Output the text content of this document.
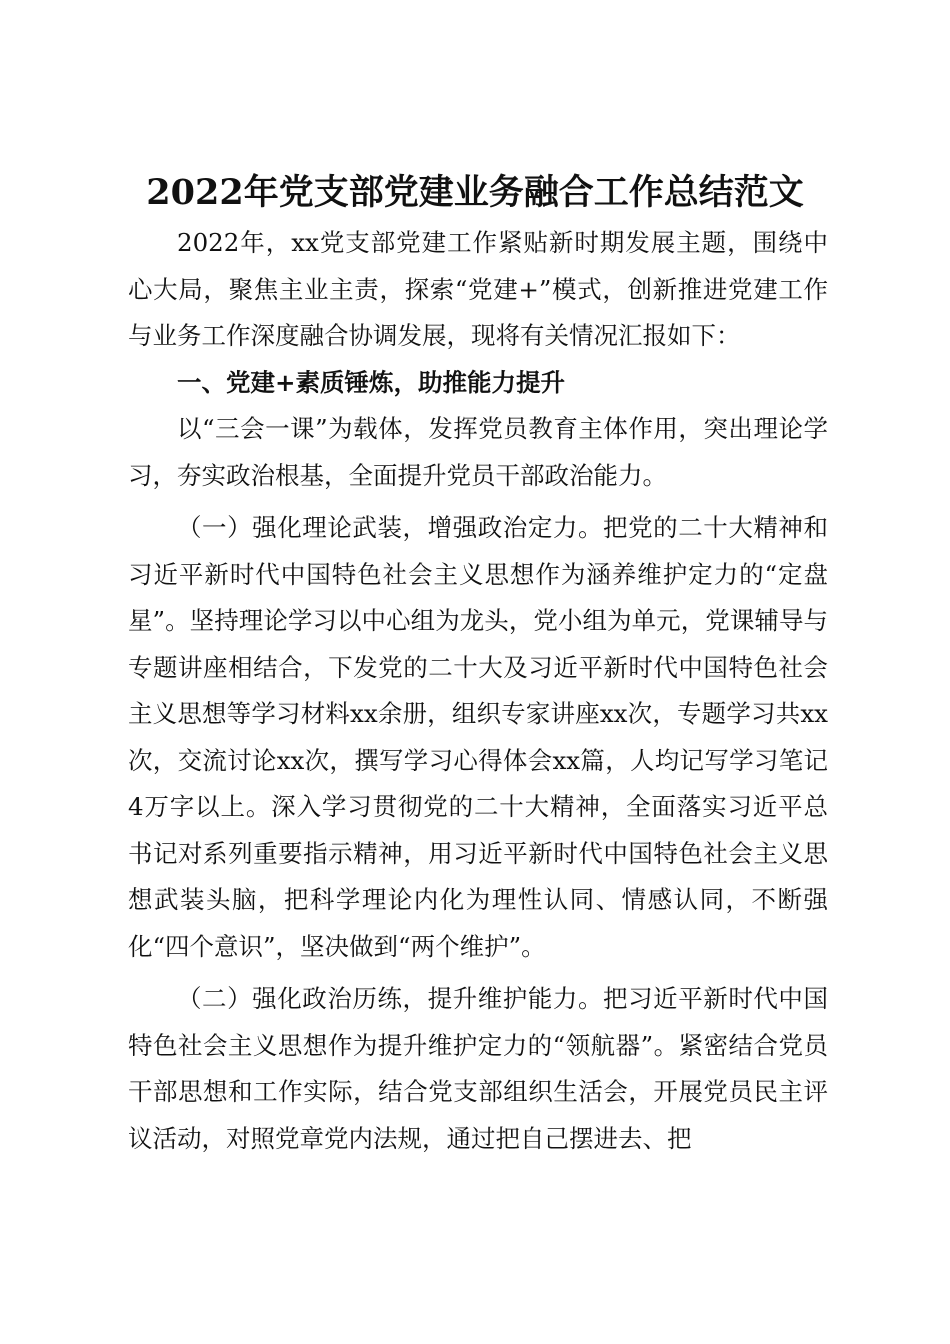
2022年党支部党建业务融合工作总结范文

2022年，xx党支部党建工作紧贴新时期发展主题，围绕中心大局，聚焦主业主责，探索“党建+”模式，创新推进党建工作与业务工作深度融合协调发展，现将有关情况汇报如下：

一、党建+素质锤炼，助推能力提升

以“三会一课”为载体，发挥党员教育主体作用，突出理论学习，夯实政治根基，全面提升党员干部政治能力。

（一）强化理论武装，增强政治定力。把党的二十大精神和习近平新时代中国特色社会主义思想作为涵养维护定力的“定盘星”。坚持理论学习以中心组为龙头，党小组为单元，党课辅导与专题讲座相结合，下发党的二十大及习近平新时代中国特色社会主义思想等学习材料xx余册，组织专家讲座xx次，专题学习共xx次，交流讨论xx次，撰写学习心得体会xx篇，人均记写学习笔记4万字以上。深入学习贯彻党的二十大精神，全面落实习近平总书记对系列重要指示精神，用习近平新时代中国特色社会主义思想武装头脑，把科学理论内化为理性认同、情感认同，不断强化“四个意识”，坚决做到“两个维护”。

（二）强化政治历练，提升维护能力。把习近平新时代中国特色社会主义思想作为提升维护定力的“领航器”。紧密结合党员干部思想和工作实际，结合党支部组织生活会，开展党员民主评议活动，对照党章党内法规，通过把自己摆进去、把
